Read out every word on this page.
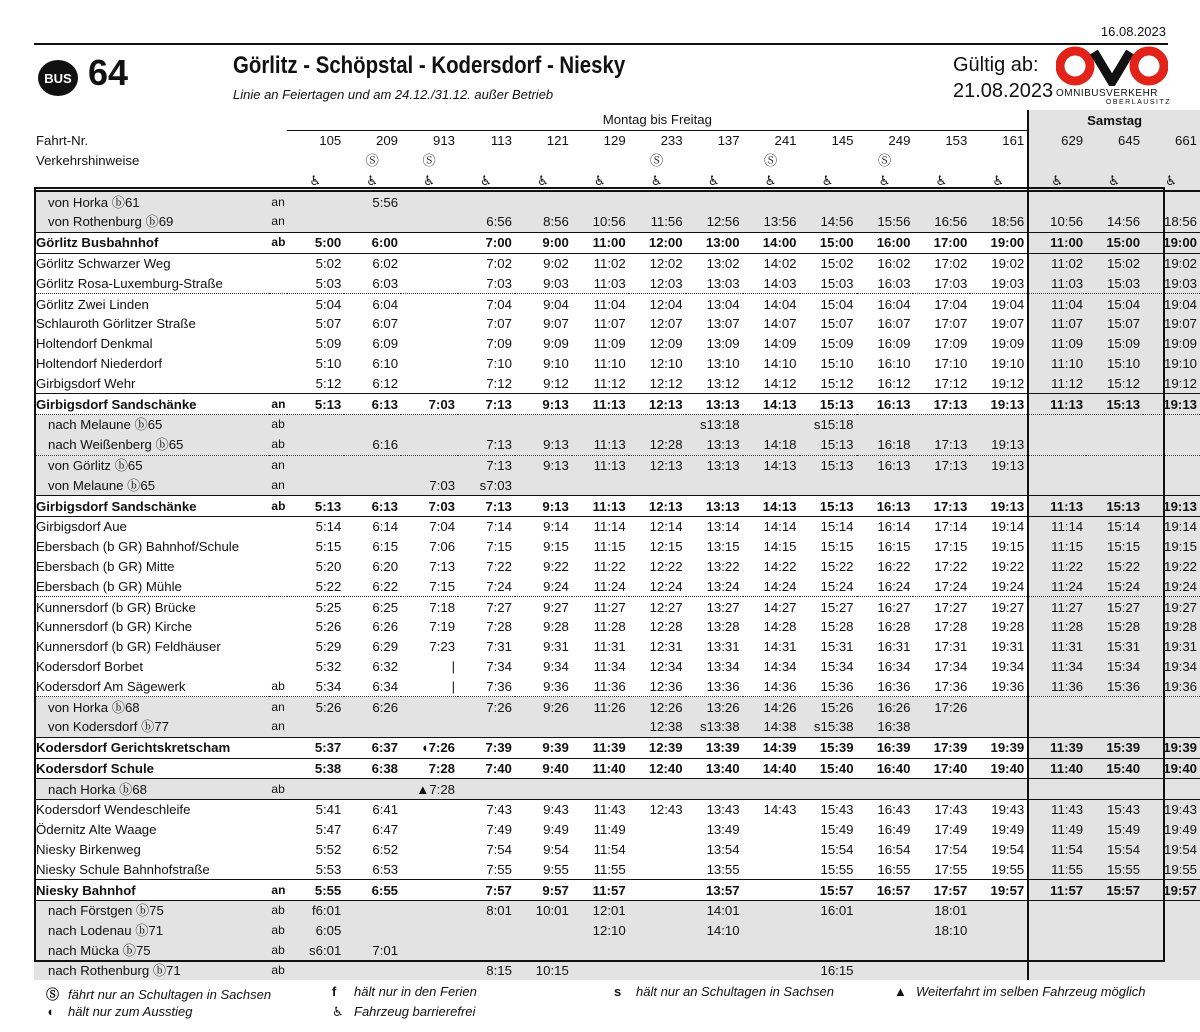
16.08.2023
BUS 64	Görlitz - Schöpstal - Kodersdorf - Niesky
Linie an Feiertagen und am 24.12./31.12. außer Betrieb
Gültig ab:
21.08.2023 OMNIBUSVERKEHR
OBERLAUSITZ
		Montag bis Freitag													Samstag		
Fahrt-Nr.		105	209	913	113	121	129	233	137	241	145	249	153	161	629	645	661
Verkehrshinweise			Ⓢ	Ⓢ				Ⓢ		Ⓢ		Ⓢ					
		♿	♿	♿	♿	♿	♿	♿	♿	♿	♿	♿	♿	♿	♿	♿	♿
von Horka ⓑ61	an		5:56														
von Rothenburg ⓑ69	an				6:56	8:56	10:56	11:56	12:56	13:56	14:56	15:56	16:56	18:56	10:56	14:56	18:56
Görlitz Busbahnhof	ab	5:00	6:00		7:00	9:00	11:00	12:00	13:00	14:00	15:00	16:00	17:00	19:00	11:00	15:00	19:00
Görlitz Schwarzer Weg		5:02	6:02		7:02	9:02	11:02	12:02	13:02	14:02	15:02	16:02	17:02	19:02	11:02	15:02	19:02
Görlitz Rosa-Luxemburg-Straße		5:03	6:03		7:03	9:03	11:03	12:03	13:03	14:03	15:03	16:03	17:03	19:03	11:03	15:03	19:03
Görlitz Zwei Linden		5:04	6:04		7:04	9:04	11:04	12:04	13:04	14:04	15:04	16:04	17:04	19:04	11:04	15:04	19:04
Schlauroth Görlitzer Straße		5:07	6:07		7:07	9:07	11:07	12:07	13:07	14:07	15:07	16:07	17:07	19:07	11:07	15:07	19:07
Holtendorf Denkmal		5:09	6:09		7:09	9:09	11:09	12:09	13:09	14:09	15:09	16:09	17:09	19:09	11:09	15:09	19:09
Holtendorf Niederdorf		5:10	6:10		7:10	9:10	11:10	12:10	13:10	14:10	15:10	16:10	17:10	19:10	11:10	15:10	19:10
Girbigsdorf Wehr		5:12	6:12		7:12	9:12	11:12	12:12	13:12	14:12	15:12	16:12	17:12	19:12	11:12	15:12	19:12
Girbigsdorf Sandschänke	an	5:13	6:13	7:03	7:13	9:13	11:13	12:13	13:13	14:13	15:13	16:13	17:13	19:13	11:13	15:13	19:13
nach Melaune ⓑ65	ab								s13:18		s15:18						
nach Weißenberg ⓑ65	ab		6:16		7:13	9:13	11:13	12:28	13:13	14:18	15:13	16:18	17:13	19:13			
von Görlitz ⓑ65	an				7:13	9:13	11:13	12:13	13:13	14:13	15:13	16:13	17:13	19:13			
von Melaune ⓑ65	an			7:03	s7:03												
Girbigsdorf Sandschänke	ab	5:13	6:13	7:03	7:13	9:13	11:13	12:13	13:13	14:13	15:13	16:13	17:13	19:13	11:13	15:13	19:13
Girbigsdorf Aue		5:14	6:14	7:04	7:14	9:14	11:14	12:14	13:14	14:14	15:14	16:14	17:14	19:14	11:14	15:14	19:14
Ebersbach (b GR) Bahnhof/Schule		5:15	6:15	7:06	7:15	9:15	11:15	12:15	13:15	14:15	15:15	16:15	17:15	19:15	11:15	15:15	19:15
Ebersbach (b GR) Mitte		5:20	6:20	7:13	7:22	9:22	11:22	12:22	13:22	14:22	15:22	16:22	17:22	19:22	11:22	15:22	19:22
Ebersbach (b GR) Mühle		5:22	6:22	7:15	7:24	9:24	11:24	12:24	13:24	14:24	15:24	16:24	17:24	19:24	11:24	15:24	19:24
Kunnersdorf (b GR) Brücke		5:25	6:25	7:18	7:27	9:27	11:27	12:27	13:27	14:27	15:27	16:27	17:27	19:27	11:27	15:27	19:27
Kunnersdorf (b GR) Kirche		5:26	6:26	7:19	7:28	9:28	11:28	12:28	13:28	14:28	15:28	16:28	17:28	19:28	11:28	15:28	19:28
Kunnersdorf (b GR) Feldhäuser		5:29	6:29	7:23	7:31	9:31	11:31	12:31	13:31	14:31	15:31	16:31	17:31	19:31	11:31	15:31	19:31
Kodersdorf Borbet		5:32	6:32	|	7:34	9:34	11:34	12:34	13:34	14:34	15:34	16:34	17:34	19:34	11:34	15:34	19:34
Kodersdorf Am Sägewerk	ab	5:34	6:34	|	7:36	9:36	11:36	12:36	13:36	14:36	15:36	16:36	17:36	19:36	11:36	15:36	19:36
von Horka ⓑ68	an	5:26	6:26		7:26	9:26	11:26	12:26	13:26	14:26	15:26	16:26	17:26				
von Kodersdorf ⓑ77	an							12:38	s13:38	14:38	s15:38	16:38					
Kodersdorf Gerichtskretscham		5:37	6:37	◖7:26	7:39	9:39	11:39	12:39	13:39	14:39	15:39	16:39	17:39	19:39	11:39	15:39	19:39
Kodersdorf Schule		5:38	6:38	7:28	7:40	9:40	11:40	12:40	13:40	14:40	15:40	16:40	17:40	19:40	11:40	15:40	19:40
nach Horka ⓑ68	ab			▲7:28													
Kodersdorf Wendeschleife		5:41	6:41		7:43	9:43	11:43	12:43	13:43	14:43	15:43	16:43	17:43	19:43	11:43	15:43	19:43
Ödernitz Alte Waage		5:47	6:47		7:49	9:49	11:49		13:49		15:49	16:49	17:49	19:49	11:49	15:49	19:49
Niesky Birkenweg		5:52	6:52		7:54	9:54	11:54		13:54		15:54	16:54	17:54	19:54	11:54	15:54	19:54
Niesky Schule Bahnhofstraße		5:53	6:53		7:55	9:55	11:55		13:55		15:55	16:55	17:55	19:55	11:55	15:55	19:55
Niesky Bahnhof	an	5:55	6:55		7:57	9:57	11:57		13:57		15:57	16:57	17:57	19:57	11:57	15:57	19:57
nach Förstgen ⓑ75	ab	f6:01			8:01	10:01	12:01		14:01		16:01		18:01				
nach Lodenau ⓑ71	ab	6:05					12:10		14:10				18:10				
nach Mücka ⓑ75	ab	s6:01	7:01														
nach Rothenburg ⓑ71	ab				8:15	10:15					16:15						
Ⓢ fährt nur an Schultagen in Sachsen	f hält nur in den Ferien	s hält nur an Schultagen in Sachsen	▲ Weiterfahrt im selben Fahrzeug möglich
◖ hält nur zum Ausstieg	♿ Fahrzeug barrierefrei
